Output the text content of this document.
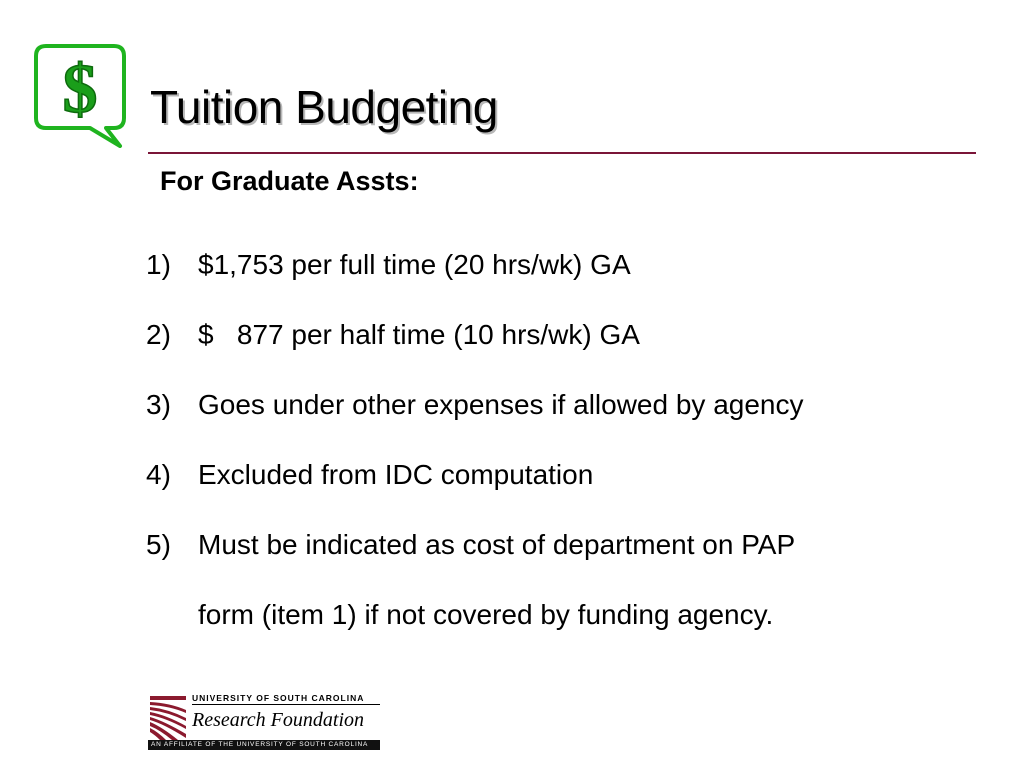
$ Tuition Budgeting
For Graduate Assts:
1) $1,753 per full time (20 hrs/wk) GA
2) $   877 per half time (10 hrs/wk) GA
3) Goes under other expenses if allowed by agency
4) Excluded from IDC computation
5) Must be indicated as cost of department on PAP
form (item 1) if not covered by funding agency.
UNIVERSITY OF SOUTH CAROLINA
Research Foundation
AN AFFILIATE OF THE UNIVERSITY OF SOUTH CAROLINA
